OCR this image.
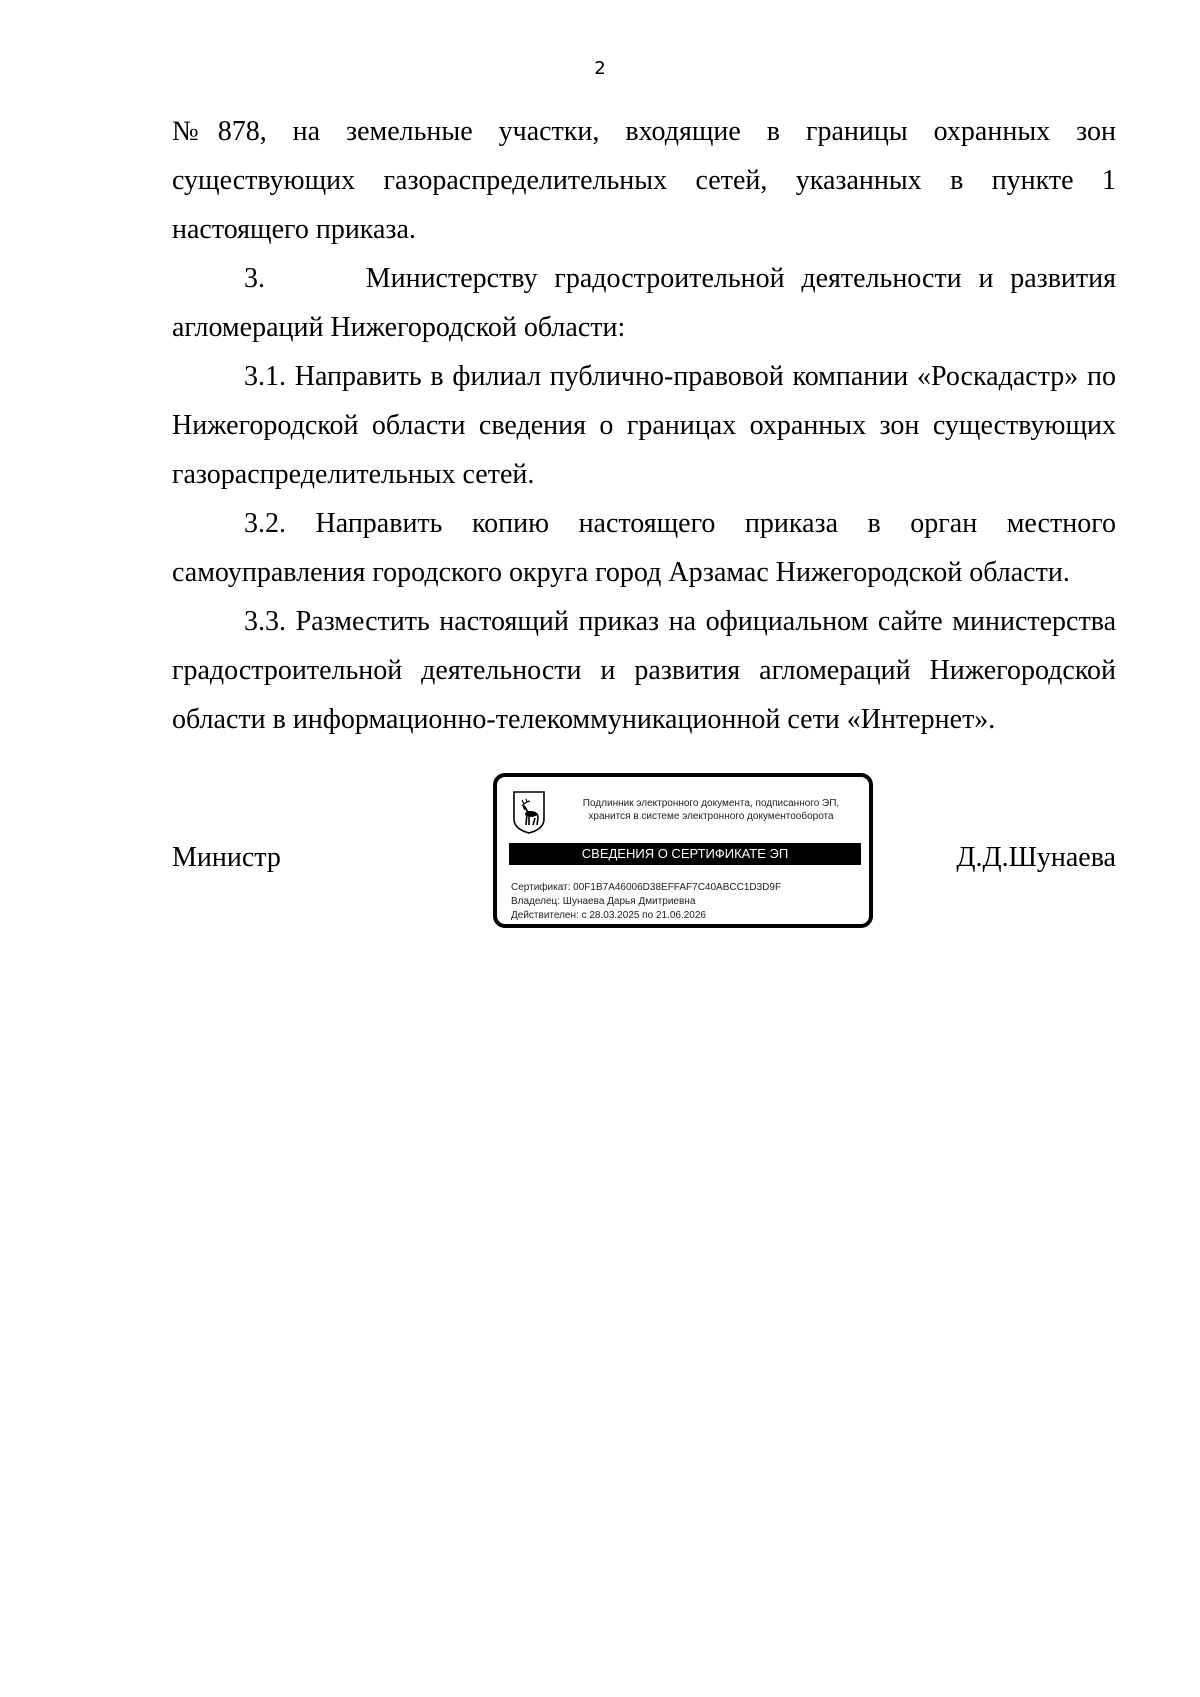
2

№878, на земельные участки, входящие в границы охранных зон существующих газораспределительных сетей, указанных в пункте 1 настоящего приказа.

3.      Министерству градостроительной деятельности и развития агломераций Нижегородской области:

3.1. Направить в филиал публично-правовой компании «Роскадастр» по Нижегородской области сведения о границах охранных зон существующих газораспределительных сетей.

3.2. Направить копию настоящего приказа в орган местного самоуправления городского округа город Арзамас Нижегородской области.

3.3. Разместить настоящий приказ на официальном сайте министерства градостроительной деятельности и развития агломераций Нижегородской области в информационно-телекоммуникационной сети «Интернет».

Министр	Д.Д.Шунаева
Подлинник электронного документа, подписанного ЭП,
хранится в системе электронного документооборота
СВЕДЕНИЯ О СЕРТИФИКАТЕ ЭП
Сертификат: 00F1B7A46006D38EFFAF7C40ABCC1D3D9F
Владелец: Шунаева Дарья Дмитриевна
Действителен: с 28.03.2025 по 21.06.2026
